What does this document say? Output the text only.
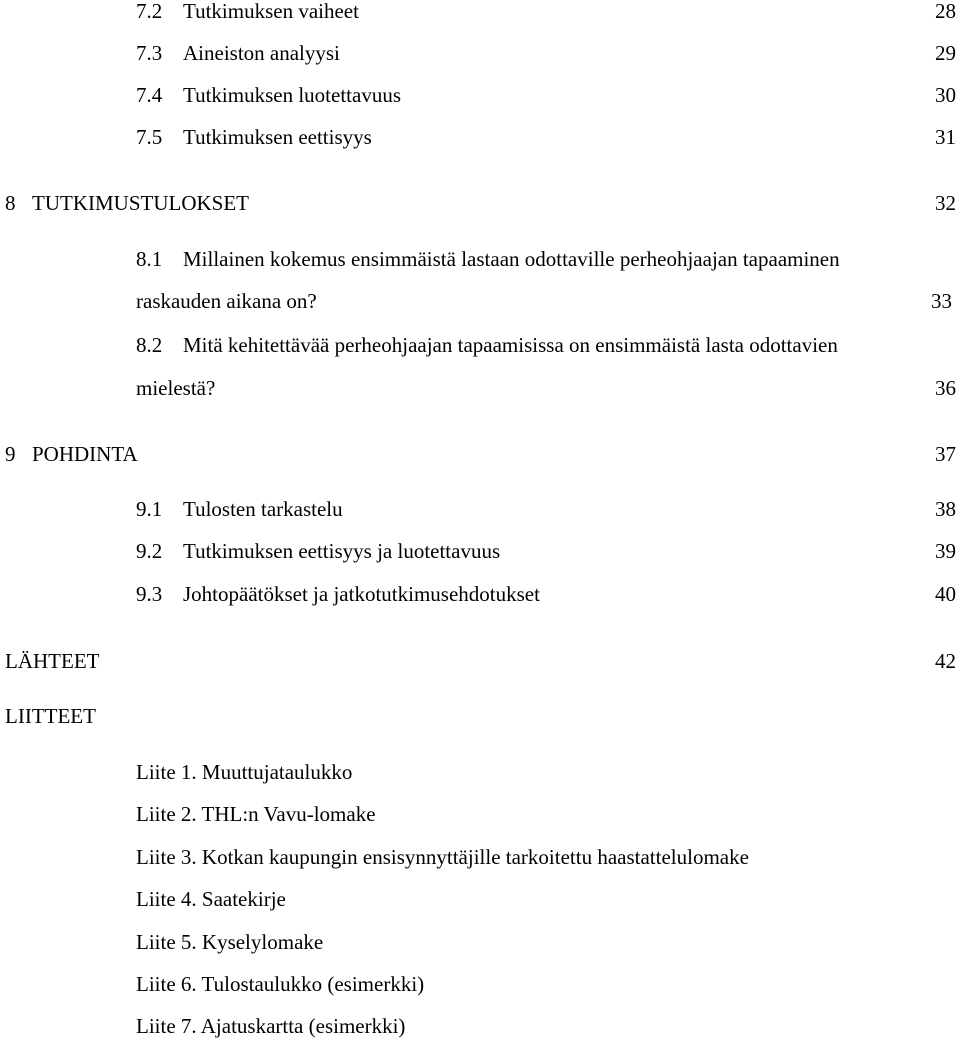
7.2 Tutkimuksen vaiheet	28
7.3 Aineiston analyysi	29
7.4 Tutkimuksen luotettavuus	30
7.5 Tutkimuksen eettisyys	31
8 TUTKIMUSTULOKSET	32
8.1 Millainen kokemus ensimmäistä lastaan odottaville perheohjaajan tapaaminen
raskauden aikana on?	33
8.2 Mitä kehitettävää perheohjaajan tapaamisissa on ensimmäistä lasta odottavien
mielestä?	36
9 POHDINTA	37
9.1 Tulosten tarkastelu	38
9.2 Tutkimuksen eettisyys ja luotettavuus	39
9.3 Johtopäätökset ja jatkotutkimusehdotukset	40
LÄHTEET	42
LIITTEET
Liite 1. Muuttujataulukko
Liite 2. THL:n Vavu-lomake
Liite 3. Kotkan kaupungin ensisynnyttäjille tarkoitettu haastattelulomake
Liite 4. Saatekirje
Liite 5. Kyselylomake
Liite 6. Tulostaulukko (esimerkki)
Liite 7. Ajatuskartta (esimerkki)
